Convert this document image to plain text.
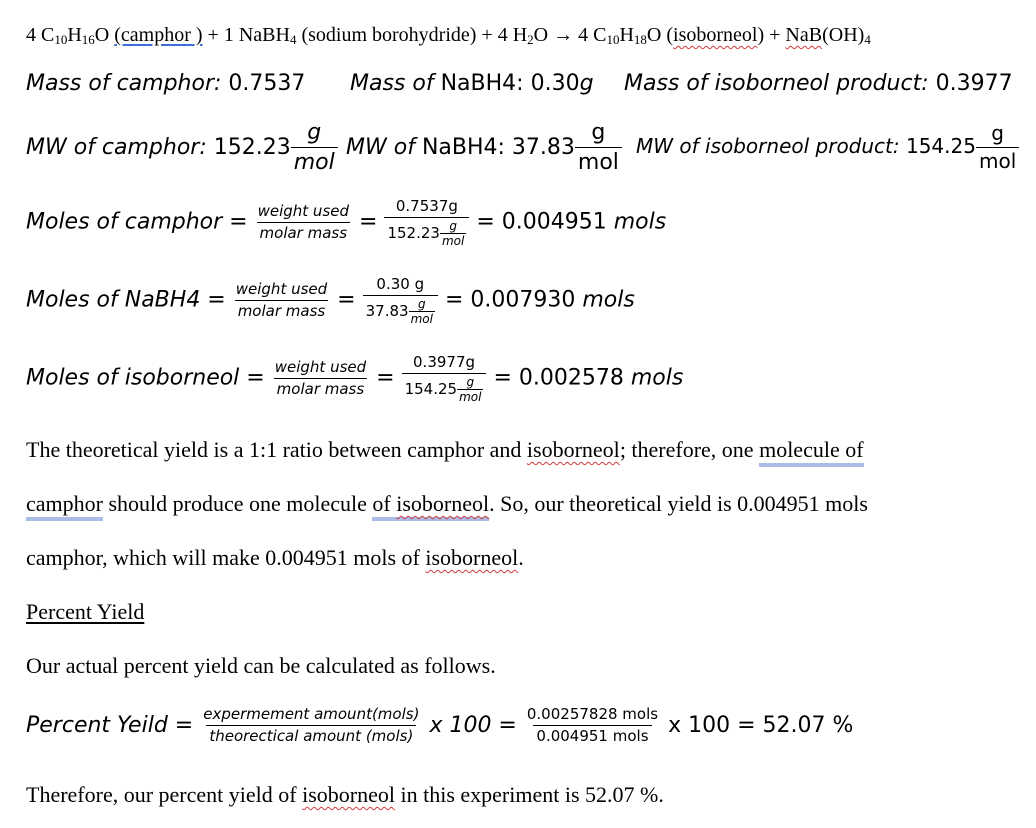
4 C10H16O (camphor ) + 1 NaBH4 (sodium borohydride) + 4 H2O → 4 C10H18O (isoborneol) + NaB(OH)4
Mass of camphor: 0.7537 Mass of NaBH4: 0.30g Mass of isoborneol product: 0.3977
MW of camphor: $152.23 \frac{g}{\text{mol}}$ MW of NaBH4: $37.83 \frac{g}{\text{mol}}$ MW of isoborneol product: $154.25 \frac{g}{\text{mol}}$
Moles of camphor = $\frac{\text{weight used}}{\text{molar mass}} = \frac{0.7537g}{152.23 \frac{g}{\text{mol}}} = 0.004951$ mols
Moles of NaBH4 = $\frac{\text{weight used}}{\text{molar mass}} = \frac{0.30 g}{37.83 \frac{g}{\text{mol}}} = 0.007930$ mols
Moles of isoborneol = $\frac{\text{weight used}}{\text{molar mass}} = \frac{0.3977g}{154.25 \frac{g}{\text{mol}}} = 0.002578$ mols
The theoretical yield is a 1:1 ratio between camphor and isoborneol; therefore, one molecule of
camphor should produce one molecule of isoborneol. So, our theoretical yield is 0.004951 mols
camphor, which will make 0.004951 mols of isoborneol.
Percent Yield
Our actual percent yield can be calculated as follows.
Percent Yeild = $\frac{\text{expermement amount(mols)}}{\text{theorectical amount (mols)}}$ x $100 = \frac{\text{0.00257828 mols}}{\text{0.004951 mols}}$ x 100 = 52.07 %
Therefore, our percent yield of isoborneol in this experiment is 52.07 %.
